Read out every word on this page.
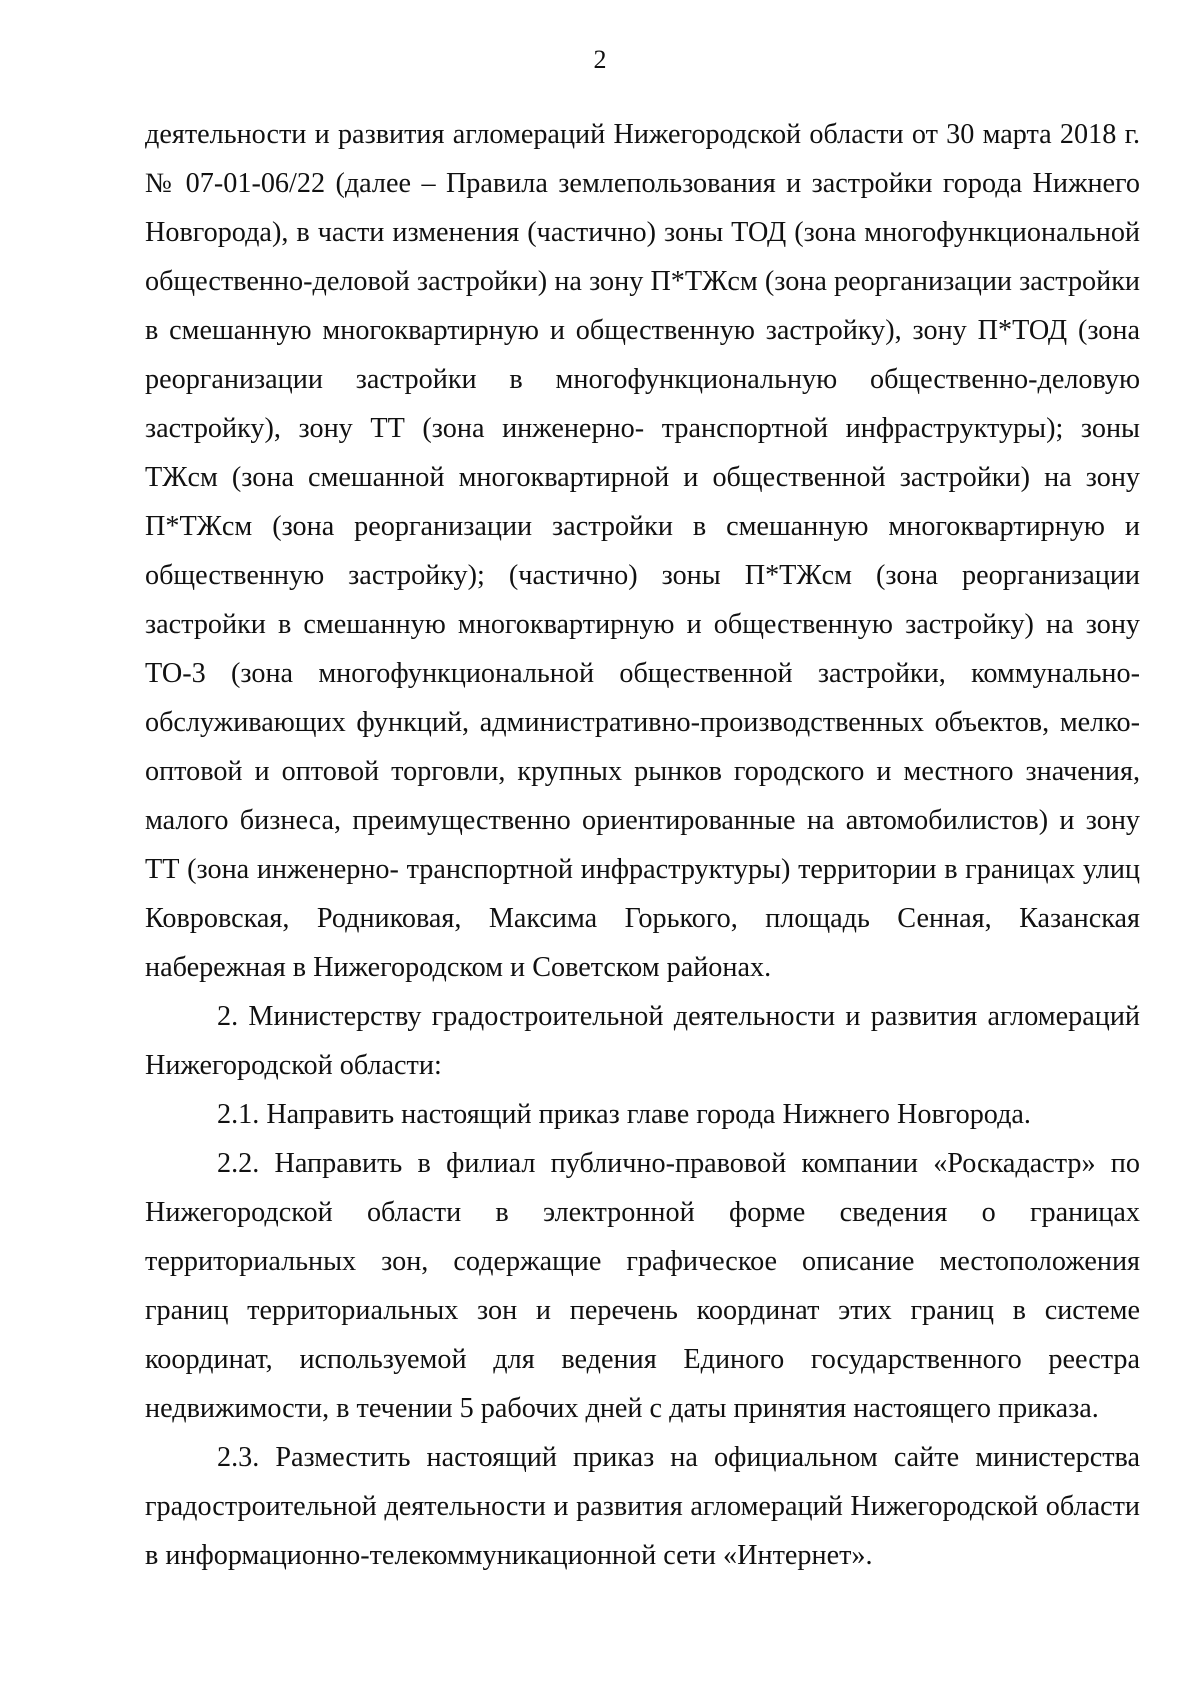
2

деятельности и развития агломераций Нижегородской области от 30 марта 2018 г. № 07-01-06/22 (далее – Правила землепользования и застройки города Нижнего Новгорода), в части изменения (частично) зоны ТОД (зона многофункциональной общественно-деловой застройки) на зону П*ТЖсм (зона реорганизации застройки в смешанную многоквартирную и общественную застройку), зону П*ТОД (зона реорганизации застройки в многофункциональную общественно-деловую застройку), зону ТТ (зона инженерно- транспортной инфраструктуры); зоны ТЖсм (зона смешанной многоквартирной и общественной застройки) на зону П*ТЖсм (зона реорганизации застройки в смешанную многоквартирную и общественную застройку); (частично) зоны П*ТЖсм (зона реорганизации застройки в смешанную многоквартирную и общественную застройку) на зону ТО-3 (зона многофункциональной общественной застройки, коммунально-обслуживающих функций, административно-производственных объектов, мелко-оптовой и оптовой торговли, крупных рынков городского и местного значения, малого бизнеса, преимущественно ориентированные на автомобилистов) и зону ТТ (зона инженерно- транспортной инфраструктуры) территории в границах улиц Ковровская, Родниковая, Максима Горького, площадь Сенная, Казанская набережная в Нижегородском и Советском районах.

2. Министерству градостроительной деятельности и развития агломераций Нижегородской области:

2.1. Направить настоящий приказ главе города Нижнего Новгорода.

2.2. Направить в филиал публично-правовой компании «Роскадастр» по Нижегородской области в электронной форме сведения о границах территориальных зон, содержащие графическое описание местоположения границ территориальных зон и перечень координат этих границ в системе координат, используемой для ведения Единого государственного реестра недвижимости, в течении 5 рабочих дней с даты принятия настоящего приказа.

2.3. Разместить настоящий приказ на официальном сайте министерства градостроительной деятельности и развития агломераций Нижегородской области в информационно-телекоммуникационной сети «Интернет».
